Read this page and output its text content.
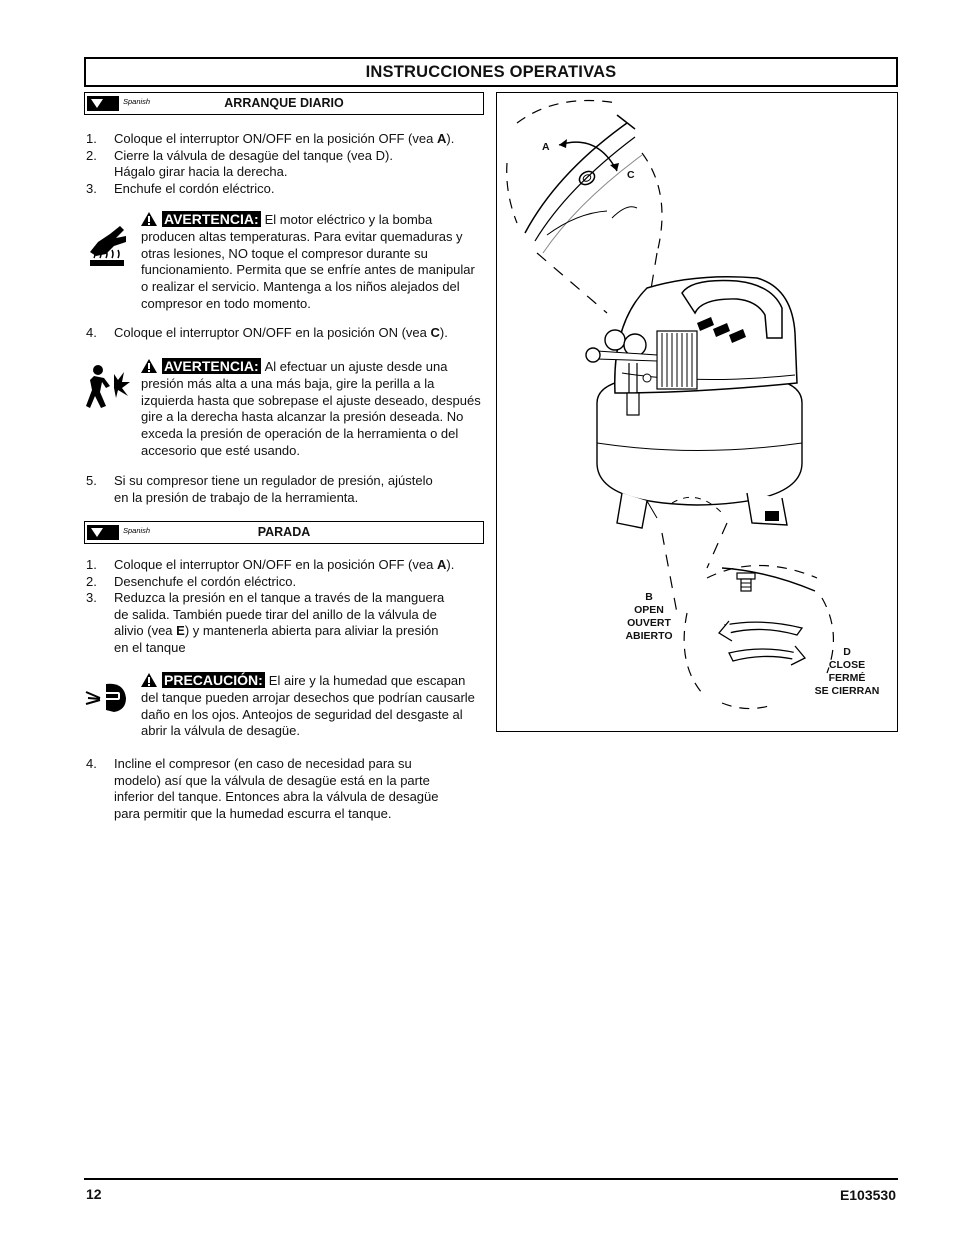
INSTRUCCIONES OPERATIVAS
Spanish	ARRANQUE DIARIO
1. Coloque el interruptor ON/OFF en la posición OFF (vea A).
2. Cierre la válvula de desagüe del tanque (vea D).
Hágalo girar hacia la derecha.
3. Enchufe el cordón eléctrico.
AVERTENCIA: El motor eléctrico y la bomba producen altas temperaturas. Para evitar quemaduras y otras lesiones, NO toque el compresor durante su funcionamiento. Permita que se enfríe antes de manipular o realizar el servicio. Mantenga a los niños alejados del compresor en todo momento.
4. Coloque el interruptor ON/OFF en la posición ON (vea C).
AVERTENCIA: Al efectuar un ajuste desde una presión más alta a una más baja, gire la perilla a la izquierda hasta que sobrepase el ajuste deseado, después gire a la derecha hasta alcanzar la presión deseada. No exceda la presión de operación de la herramienta o del accesorio que esté usando.
5. Si su compresor tiene un regulador de presión, ajústelo
en la presión de trabajo de la herramienta.
Spanish	PARADA
1. Coloque el interruptor ON/OFF en la posición OFF (vea A).
2. Desenchufe el cordón eléctrico.
3. Reduzca la presión en el tanque a través de la manguera
de salida. También puede tirar del anillo de la válvula de
alivio (vea E) y mantenerla abierta para aliviar la presión
en el tanque
PRECAUCIÓN: El aire y la humedad que escapan del tanque pueden arrojar desechos que podrían causarle daño en los ojos. Anteojos de seguridad del desgaste al abrir la válvula de desagüe.
4. Incline el compresor (en caso de necesidad para su
modelo) así que la válvula de desagüe está en la parte
inferior del tanque. Entonces abra la válvula de desagüe
para permitir que la humedad escurra el tanque.
A
C
B
OPEN
OUVERT
ABIERTO
D
CLOSE
FERMÉ
SE CIERRAN
12	E103530
